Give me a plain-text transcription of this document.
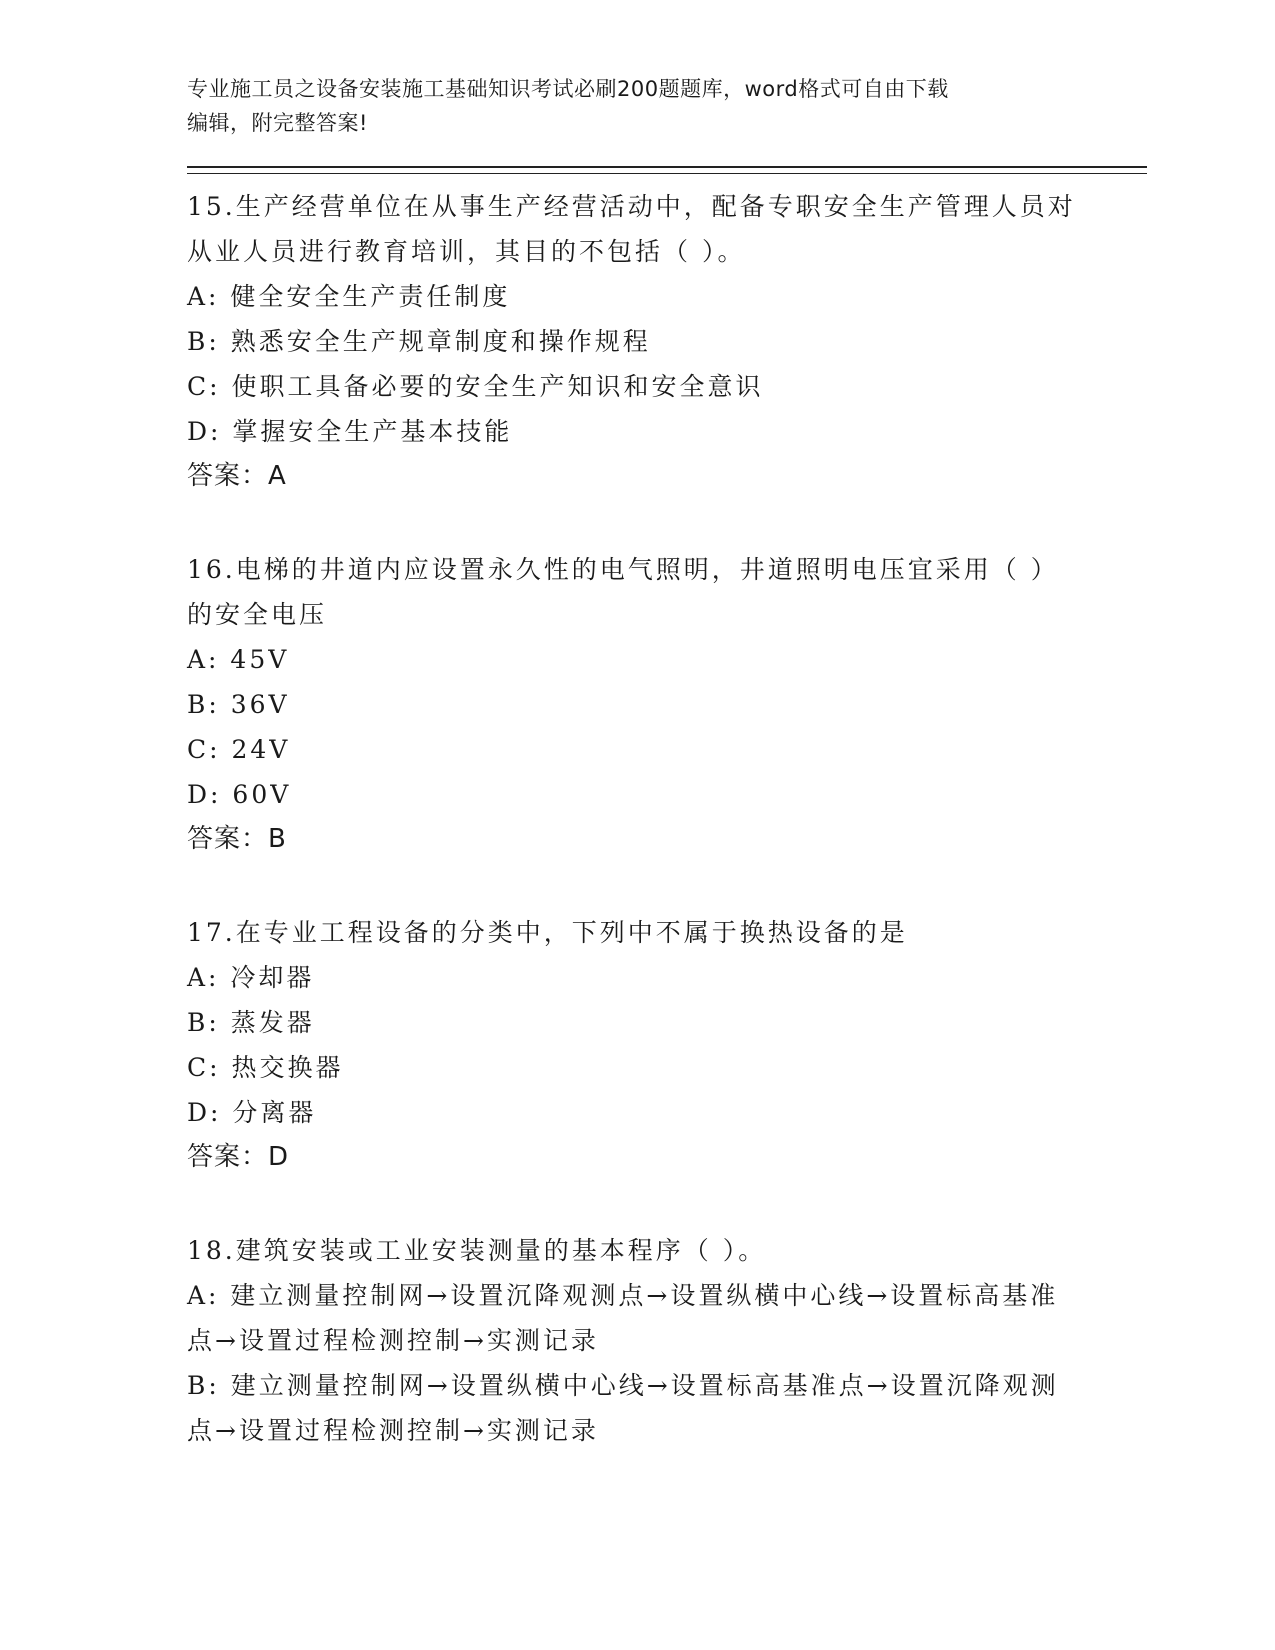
专业施工员之设备安装施工基础知识考试必刷200题题库，word格式可自由下载
编辑，附完整答案!
15.生产经营单位在从事生产经营活动中，配备专职安全生产管理人员对从业人员进行教育培训，其目的不包括（ ）。
A: 健全安全生产责任制度
B: 熟悉安全生产规章制度和操作规程
C: 使职工具备必要的安全生产知识和安全意识
D: 掌握安全生产基本技能
答案：A
16.电梯的井道内应设置永久性的电气照明，井道照明电压宜采用（ ）的安全电压
A: 45V
B: 36V
C: 24V
D: 60V
答案：B
17.在专业工程设备的分类中，下列中不属于换热设备的是
A: 冷却器
B: 蒸发器
C: 热交换器
D: 分离器
答案：D
18.建筑安装或工业安装测量的基本程序（ ）。
A: 建立测量控制网→设置沉降观测点→设置纵横中心线→设置标高基准点→设置过程检测控制→实测记录
B: 建立测量控制网→设置纵横中心线→设置标高基准点→设置沉降观测点→设置过程检测控制→实测记录
